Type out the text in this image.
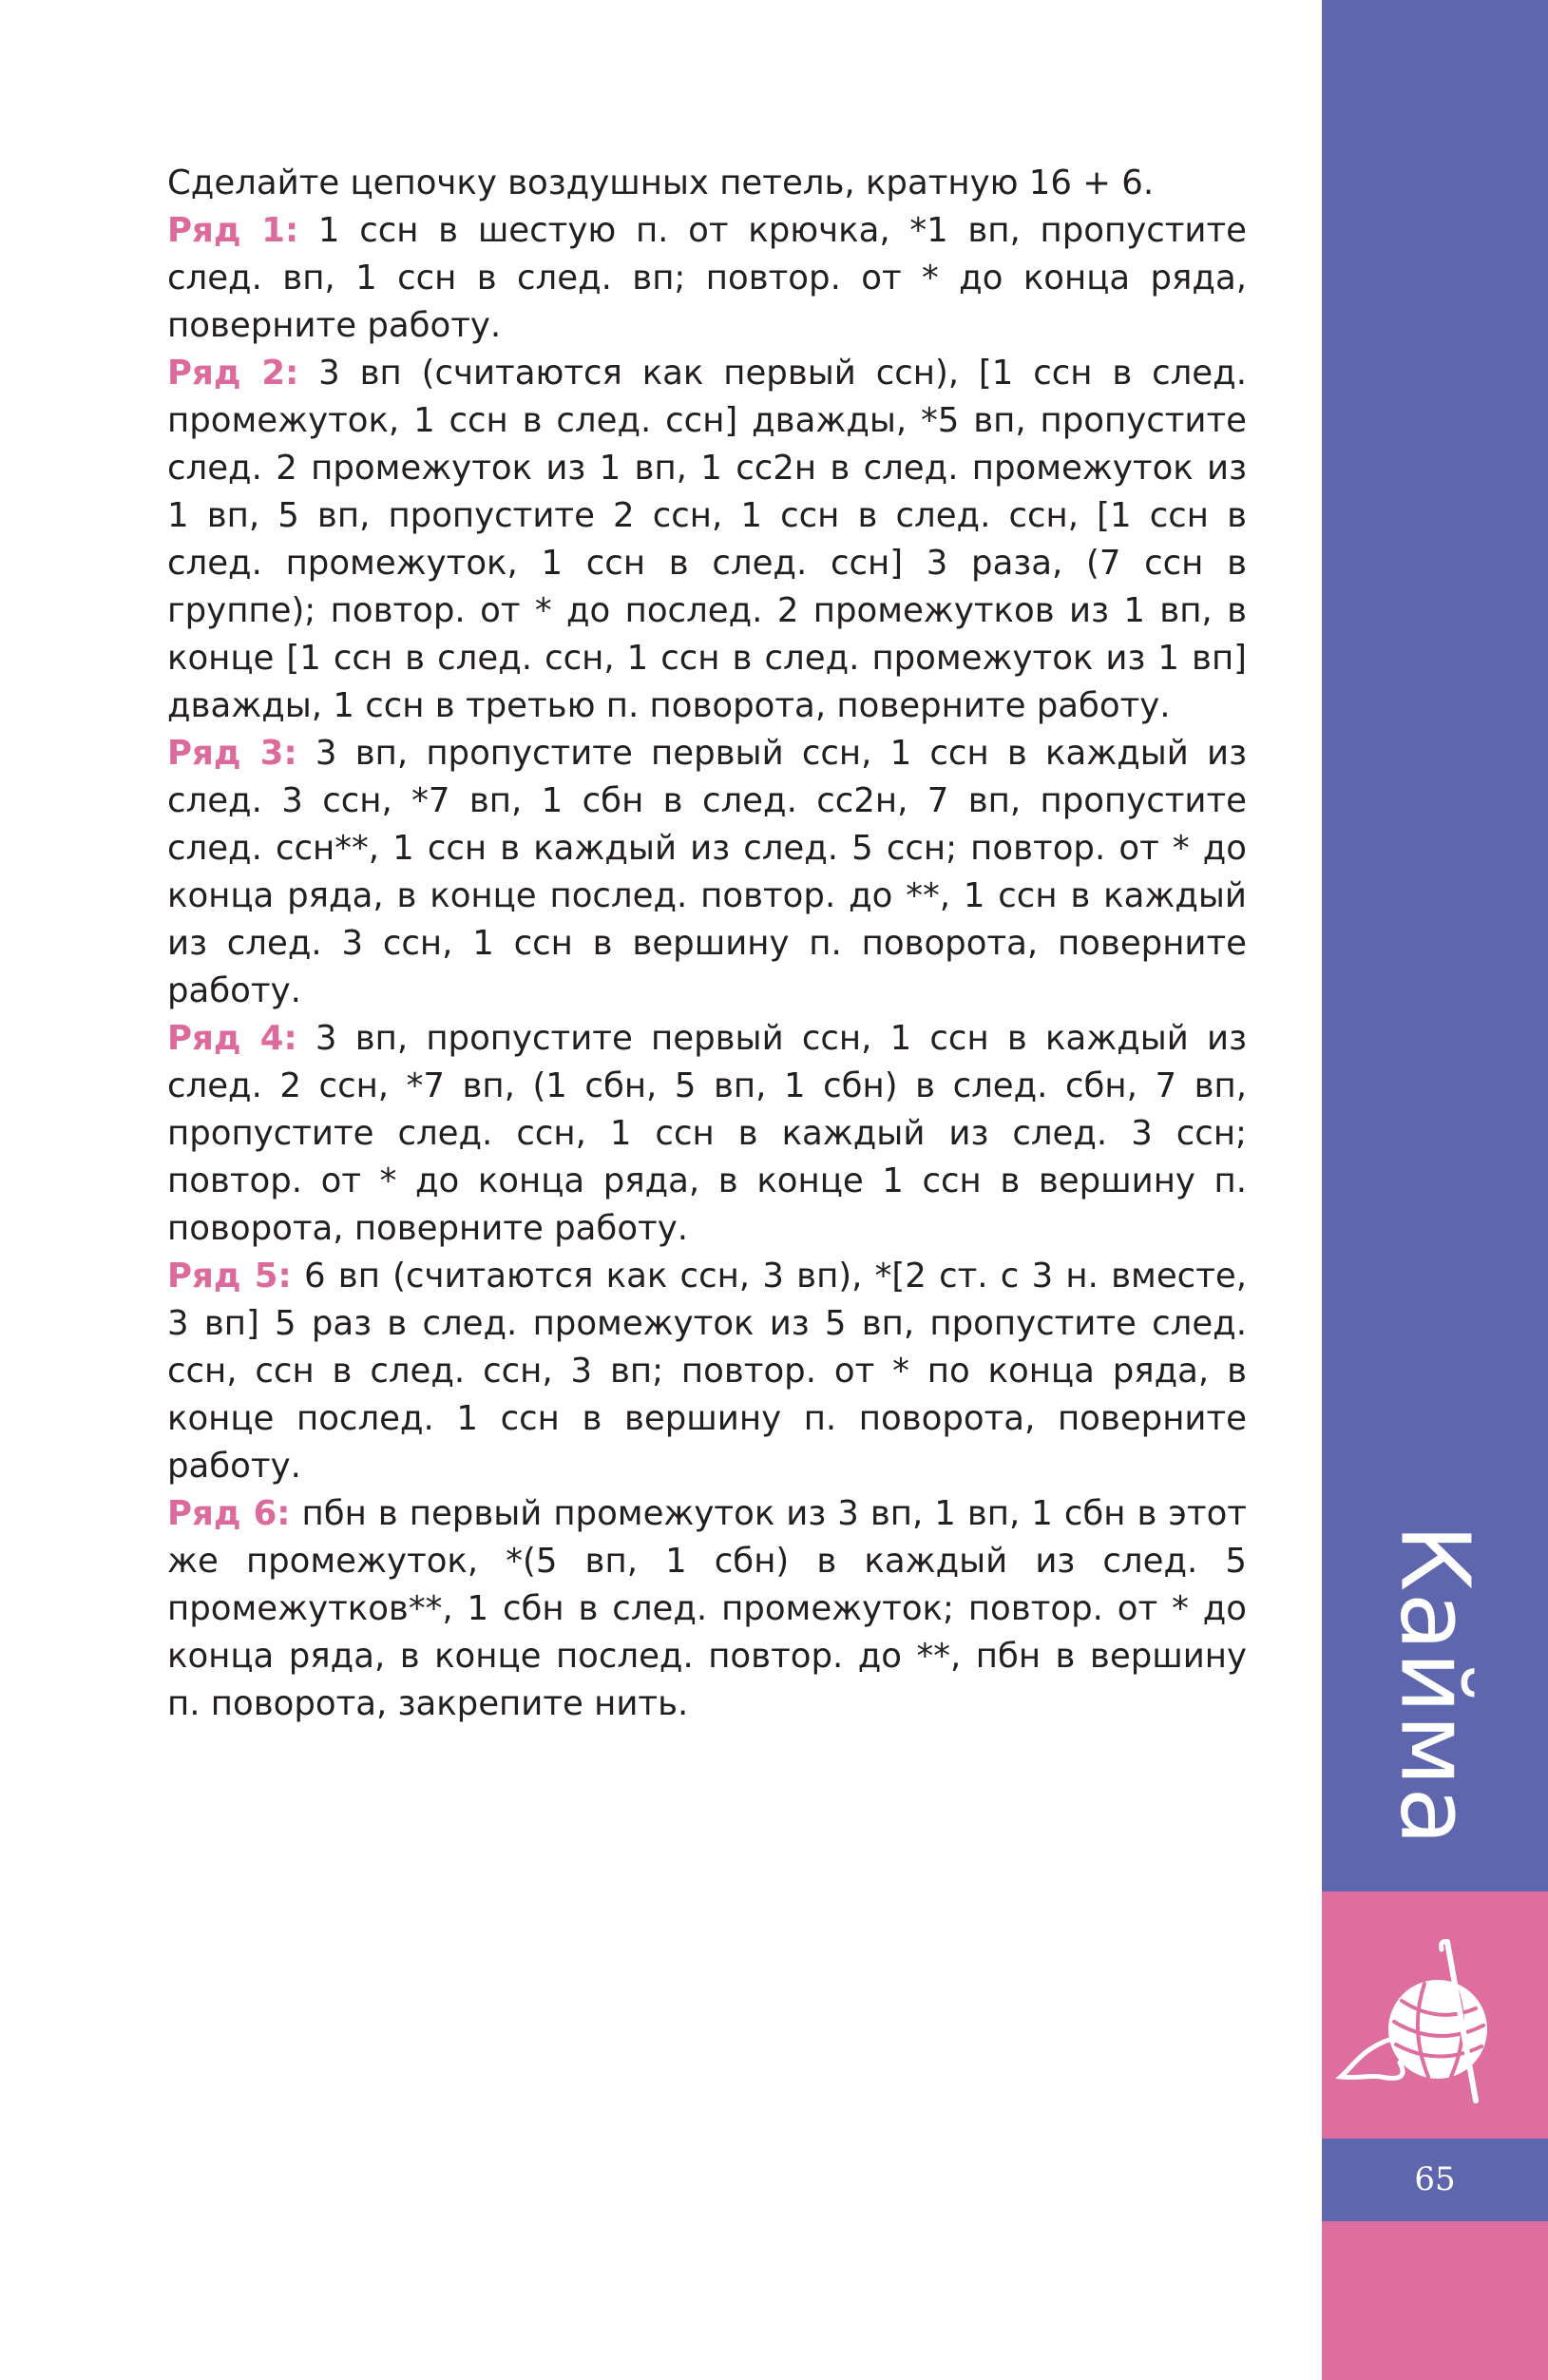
Сделайте цепочку воздушных петель, кратную 16 + 6.

Ряд 1: 1 ссн в шестую п. от крючка, *1 вп, пропустите след. вп, 1 ссн в след. вп; повтор. от * до конца ряда, поверните работу.

Ряд 2: 3 вп (считаются как первый ссн), [1 ссн в след. промежуток, 1 ссн в след. ссн] дважды, *5 вп, пропустите след. 2 промежуток из 1 вп, 1 сс2н в след. промежуток из 1 вп, 5 вп, пропустите 2 ссн, 1 ссн в след. ссн, [1 ссн в след. промежуток, 1 ссн в след. ссн] 3 раза, (7 ссн в группе); повтор. от * до послед. 2 промежутков из 1 вп, в конце [1 ссн в след. ссн, 1 ссн в след. промежуток из 1 вп] дважды, 1 ссн в третью п. поворота, поверните работу.

Ряд 3: 3 вп, пропустите первый ссн, 1 ссн в каждый из след. 3 ссн, *7 вп, 1 сбн в след. сс2н, 7 вп, пропустите след. ссн**, 1 ссн в каждый из след. 5 ссн; повтор. от * до конца ряда, в конце послед. повтор. до **, 1 ссн в каждый из след. 3 ссн, 1 ссн в вершину п. поворота, поверните работу.

Ряд 4: 3 вп, пропустите первый ссн, 1 ссн в каждый из след. 2 ссн, *7 вп, (1 сбн, 5 вп, 1 сбн) в след. сбн, 7 вп, пропустите след. ссн, 1 ссн в каждый из след. 3 ссн; повтор. от * до конца ряда, в конце 1 ссн в вершину п. поворота, поверните работу.

Ряд 5: 6 вп (считаются как ссн, 3 вп), *[2 ст. с 3 н. вместе, 3 вп] 5 раз в след. промежуток из 5 вп, пропустите след. ссн, ссн в след. ссн, 3 вп; повтор. от * по конца ряда, в конце послед. 1 ссн в вершину п. поворота, поверните работу.

Ряд 6: пбн в первый промежуток из 3 вп, 1 вп, 1 сбн в этот же промежуток, *(5 вп, 1 сбн) в каждый из след. 5 промежутков**, 1 сбн в след. промежуток; повтор. от * до конца ряда, в конце послед. повтор. до **, пбн в вершину п. поворота, закрепите нить.	Кайма
65
